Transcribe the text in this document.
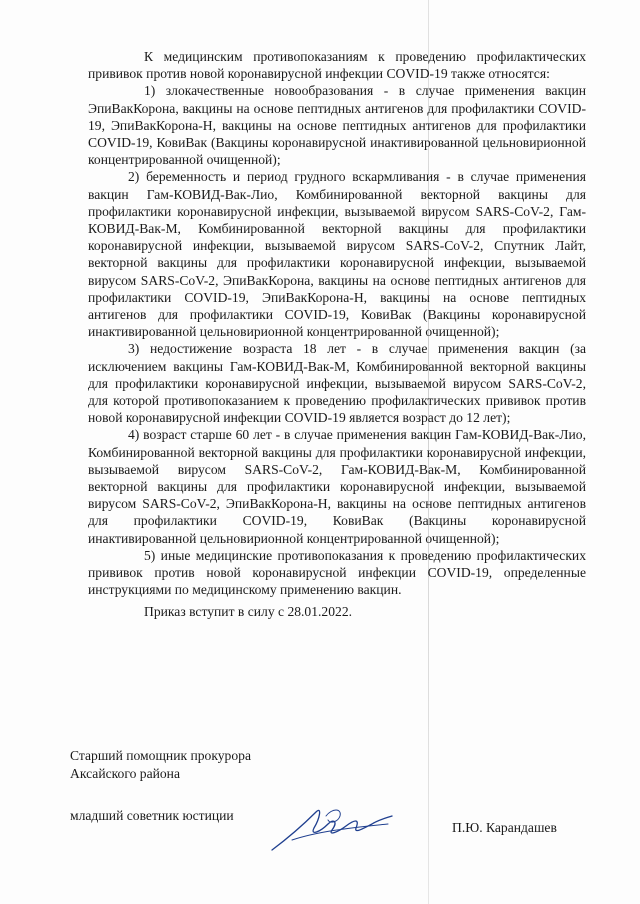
К медицинским противопоказаниям к проведению профилактических прививок против новой коронавирусной инфекции COVID-19 также относятся:

1) злокачественные новообразования - в случае применения вакцин ЭпиВакКорона, вакцины на основе пептидных антигенов для профилактики COVID-19, ЭпиВакКорона-Н, вакцины на основе пептидных антигенов для профилактики COVID-19, КовиВак (Вакцины коронавирусной инактивированной цельновирионной концентрированной очищенной);

2) беременность и период грудного вскармливания - в случае применения вакцин Гам-КОВИД-Вак-Лио, Комбинированной векторной вакцины для профилактики коронавирусной инфекции, вызываемой вирусом SARS-CoV-2, Гам-КОВИД-Вак-М, Комбинированной векторной вакцины для профилактики коронавирусной инфекции, вызываемой вирусом SARS-CoV-2, Спутник Лайт, векторной вакцины для профилактики коронавирусной инфекции, вызываемой вирусом SARS-CoV-2, ЭпиВакКорона, вакцины на основе пептидных антигенов для профилактики COVID-19, ЭпиВакКорона-Н, вакцины на основе пептидных антигенов для профилактики COVID-19, КовиВак (Вакцины коронавирусной инактивированной цельновирионной концентрированной очищенной);

3) недостижение возраста 18 лет - в случае применения вакцин (за исключением вакцины Гам-КОВИД-Вак-М, Комбинированной векторной вакцины для профилактики коронавирусной инфекции, вызываемой вирусом SARS-CoV-2, для которой противопоказанием к проведению профилактических прививок против новой коронавирусной инфекции COVID-19 является возраст до 12 лет);

4) возраст старше 60 лет - в случае применения вакцин Гам-КОВИД-Вак-Лио, Комбинированной векторной вакцины для профилактики коронавирусной инфекции, вызываемой вирусом SARS-CoV-2, Гам-КОВИД-Вак-М, Комбинированной векторной вакцины для профилактики коронавирусной инфекции, вызываемой вирусом SARS-CoV-2, ЭпиВакКорона-Н, вакцины на основе пептидных антигенов для профилактики COVID-19, КовиВак (Вакцины коронавирусной инактивированной цельновирионной концентрированной очищенной);

5) иные медицинские противопоказания к проведению профилактических прививок против новой коронавирусной инфекции COVID-19, определенные инструкциями по медицинскому применению вакцин.

Приказ вступит в силу с 28.01.2022.

Старший помощник прокурора
Аксайского района
младший советник юстиции
П.Ю. Карандашев
